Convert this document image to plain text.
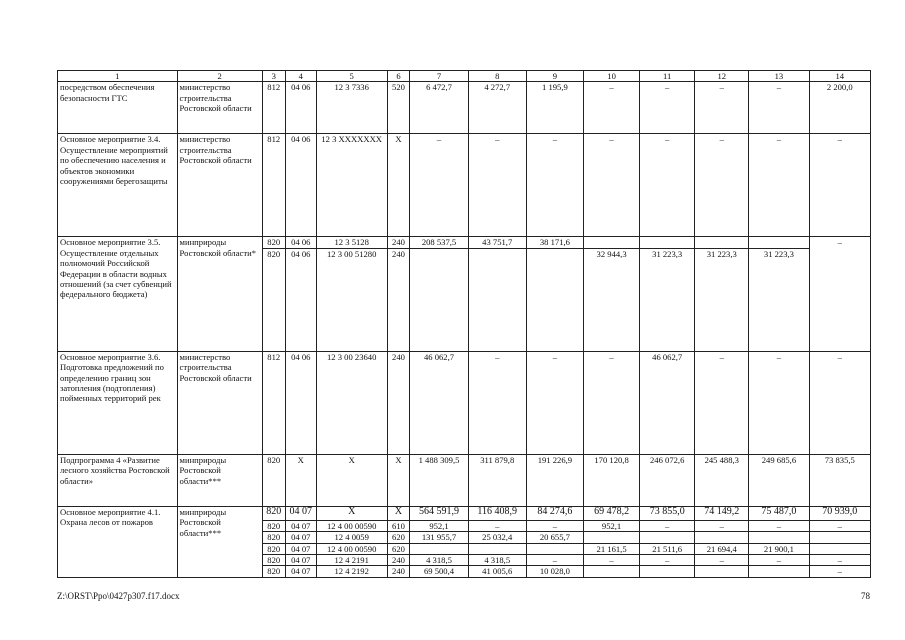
1	2	3	4	5	6	7	8	9	10	11	12	13	14
посредством обеспечения безопасности ГТС	министерство строительства Ростовской области	812	04 06	12 3 7336	520	6 472,7	4 272,7	1 195,9	–	–	–	–	2 200,0
Основное мероприятие 3.4. Осуществление мероприятий по обеспечению населения и объектов экономики сооружениями берегозащиты	министерство строительства Ростовской области	812	04 06	12 3 XXXXXXX	X	–	–	–	–	–	–	–	–
Основное мероприятие 3.5. Осуществление отдельных полномочий Российской Федерации в области водных отношений (за счет субвенций федерального бюджета)	минприроды Ростовской области*	820	04 06	12 3 5128	240	208 537,5	43 751,7	38 171,6					–
		820	04 06	12 3 00 51280	240				32 944,3	31 223,3	31 223,3	31 223,3	
Основное мероприятие 3.6. Подготовка предложений по определению границ зон затопления (подтопления) пойменных территорий рек	министерство строительства Ростовской области	812	04 06	12 3 00 23640	240	46 062,7	–	–	–	46 062,7	–	–	–
Подпрограмма 4 «Развитие лесного хозяйства Ростовской области»	минприроды Ростовской области***	820	X	X	X	1 488 309,5	311 879,8	191 226,9	170 120,8	246 072,6	245 488,3	249 685,6	73 835,5
Основное мероприятие 4.1. Охрана лесов от пожаров	минприроды Ростовской области***	820	04 07	X	X	564 591,9	116 408,9	84 274,6	69 478,2	73 855,0	74 149,2	75 487,0	70 939,0
		820	04 07	12 4 00 00590	610	952,1	–	–	952,1	–	–	–	–
		820	04 07	12 4 0059	620	131 955,7	25 032,4	20 655,7					
		820	04 07	12 4 00 00590	620				21 161,5	21 511,6	21 694,4	21 900,1	
		820	04 07	12 4 2191	240	4 318,5	4 318,5	–	–	–	–	–	–
		820	04 07	12 4 2192	240	69 500,4	41 005,6	10 028,0					–
Z:\ORST\Ppo\0427p307.f17.docx	78
